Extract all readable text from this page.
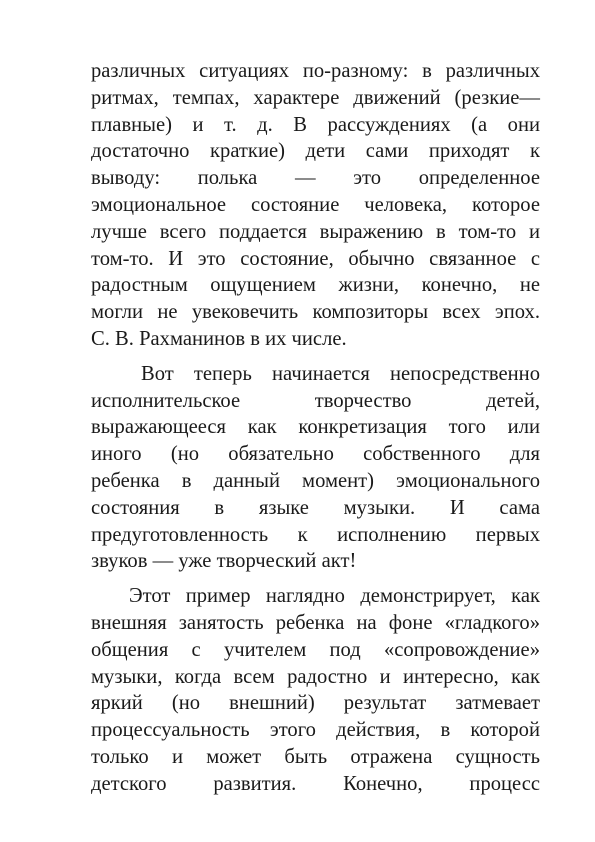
различных ситуациях по-разному: в различных
ритмах, темпах, характере движений (резкие—
плавные) и т. д. В рассуждениях (а они
достаточно краткие) дети сами приходят к
выводу: полька — это определенное
эмоциональное состояние человека, которое
лучше всего поддается выражению в том-то и
том-то. И это состояние, обычно связанное с
радостным ощущением жизни, конечно, не
могли не увековечить композиторы всех эпох.
С. В. Рахманинов в их числе.

Вот теперь начинается непосредственно
исполнительское творчество детей,
выражающееся как конкретизация того или
иного (но обязательно собственного для
ребенка в данный момент) эмоционального
состояния в языке музыки. И сама
предуготовленность к исполнению первых
звуков — уже творческий акт!

Этот пример наглядно демонстрирует, как
внешняя занятость ребенка на фоне «гладкого»
общения с учителем под «сопровождение»
музыки, когда всем радостно и интересно, как
яркий (но внешний) результат затмевает
процессуальность этого действия, в которой
только и может быть отражена сущность
детского развития. Конечно, процесс
